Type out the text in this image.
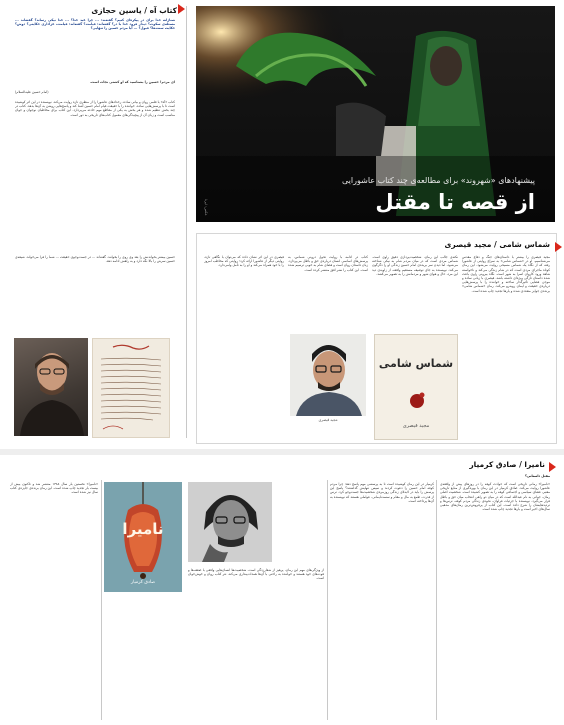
کتاب آه / یاسین حجازی
شناژانه خدا برای در پیکره‌ای کنیم؟ گفته‌ند: ... چرا عبد خدا؟ ... خدا نیکی رساند؟ گفته‌اند ... مسئله‌ی سکوت؟ دیدار فرود خدا با در؟ گفته‌اند: قیامت؟ گفته‌اند: قیامت، عزاداری حکایتی؟ دوش؟ حکایت سنت‌ها؟ قبول؟ ... آیا مردم حسین را تنهایی؟
ای مردم! حسین را بشناسید که او کشتی نجات است.
(امام حسین علیه‌السلام)
کتاب «آه» با قلمی روان و بیانی ساده، رخدادهای عاشورا را از منظری تازه روایت می‌کند. نویسنده در این اثر کوشیده است تا با پرسش‌هایی ساده، خواننده را با حقیقت قیام امام حسین آشنا کند و پاسخ‌هایی روشن به آن‌ها بدهد. کتاب در چند بخش تنظیم شده و هر بخش به یکی از مقاطع مهم حادثه می‌پردازد. این کتاب برای مخاطبان نوجوان و جوان مناسب است و زبان آن از پیچیدگی‌های معمول کتاب‌های تاریخی به دور است.
حسین بیشتر بخواندنش را بعد وی روی را بخوانند. گفته‌اند ... در جست‌وجوی حقیقت ... شما را فرا می‌خواند. شیعه‌ی حسین سرش را بالا نگه دارد و به راهش ادامه دهد.
پیشنهادهای «شهروند» برای مطالعه‌ی چند کتاب عاشورایی
از قصه تا مقتل
عکس: ایرنا
شماس شامی / مجید قیصری
مجید قیصری را بیشتر با داستان‌های جنگ و دفاع مقدس می‌شناسیم. او در «شماس شامی» به سراغ روایتی از عاشورا رفته که از نگاه یک شماس مسیحی روایت می‌شود. این رمان کوتاه ماجرای مردی است که در شام زندگی می‌کند و ناخواسته شاهد ورود کاروان اسرا به شهر است. نگاه بیرونی راوی باعث شده داستان تازگی ویژه‌ای داشته باشد. قیصری با زبانی ساده و موجز، فضایی تأثیرگذار ساخته و خواننده را با پرسش‌هایی درباره‌ی حقیقت و ایمان روبه‌رو می‌کند. رمان «شماس شامی» برنده‌ی جوایز متعددی شده و بارها تجدید چاپ شده است.
نکته‌ی جالب این رمان، شخصیت‌پردازی دقیق راوی است. شماس مردی است که در میان مردم شام به نیکی شناخته می‌شود، اما دیدن سر بریده‌ی امام حسین زندگی او را دگرگون می‌کند. نویسنده به جای توصیف مستقیم واقعه، از زاویه‌ی دید این مرد، حال و هوای شهر و مردمانش را به تصویر می‌کشد.
کتاب در ادامه با روایت تحول درونی شماس، به پرسش‌های اساسی انسان درباره‌ی حق و باطل می‌پردازد. زبان داستان روان است و فضای شام به خوبی ترسیم شده است. این کتاب را نشر افق منتشر کرده است.
قیصری در این اثر نشان داده که می‌توان با نگاهی تازه، روایتی دیگر از عاشورا ارائه کرد؛ روایتی که مخاطب امروز را با خود همراه می‌کند و او را به تأمل وامی‌دارد.
شماس شامی
مجید قیصری
مجید قیصری
نامیرا / صادق کرمیار
مقتل داستانی؟
«نامیرا» رمانی تاریخی است که حوادث کوفه را در روزهای پیش از واقعه‌ی عاشورا روایت می‌کند. صادق کرمیار در این رمان با بهره‌گیری از منابع تاریخی معتبر، فضای سیاسی و اجتماعی کوفه را به تصویر کشیده است. شخصیت اصلی رمان، جوانی به نام عبدالله است که در میان دو راهی انتخاب میان حق و باطل قرار می‌گیرد. نویسنده با جزئیات فراوان، نحوه‌ی زندگی مردم کوفه، ترس‌ها و تردیدهایشان را شرح داده است. این کتاب از پرفروش‌ترین رمان‌های مذهبی سال‌های اخیر است و بارها تجدید چاپ شده است.
کرمیار در این رمان کوشیده است تا به پرسشی مهم پاسخ دهد: چرا مردم کوفه امام حسین را دعوت کردند و سپس تنهایش گذاشتند؟ پاسخ این پرسش را باید در لابه‌لای زندگی روزمره‌ی شخصیت‌ها جست‌وجو کرد. ترس از قدرت، طمع به مال و مقام و سست‌ایمانی، عواملی هستند که نویسنده به آن‌ها پرداخته است.
از ویژگی‌های مهم این رمان، پرهیز از شعارزدگی است. شخصیت‌ها انسان‌هایی واقعی با ضعف‌ها و قوت‌های خود هستند و خواننده به راحتی با آن‌ها همذات‌پنداری می‌کند. نثر کتاب روان و خوش‌خوان است.
«نامیرا» نخستین بار سال ۱۳۸۸ منتشر شد و تاکنون بیش از بیست بار تجدید چاپ شده است. این رمان برنده‌ی جایزه‌ی کتاب سال نیز شده است.
نامیرا
صادق کرمیار
